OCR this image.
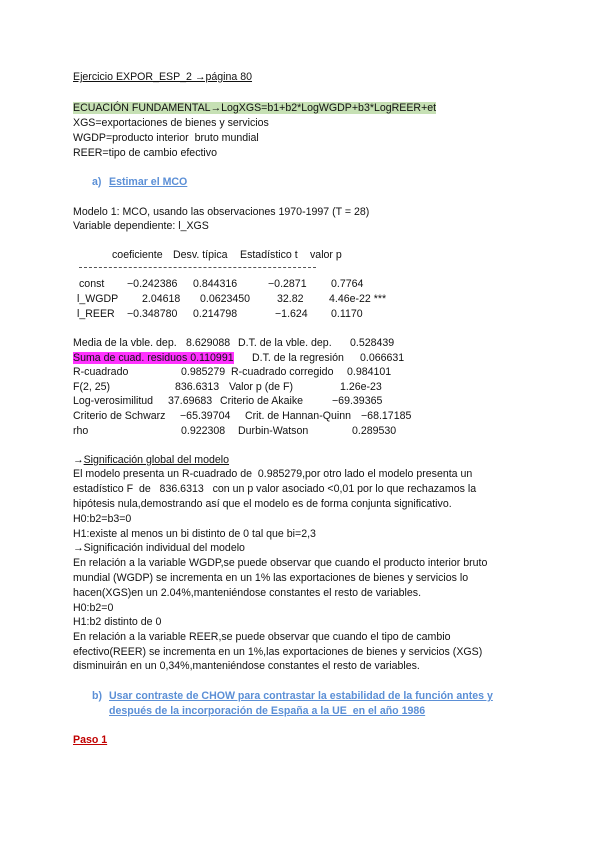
Ejercicio EXPOR_ESP_2 →página 80
ECUACIÓN FUNDAMENTAL→LogXGS=b1+b2*LogWGDP+b3*LogREER+et
XGS=exportaciones de bienes y servicios
WGDP=producto interior  bruto mundial
REER=tipo de cambio efectivo
a) Estimar el MCO
Modelo 1: MCO, usando las observaciones 1970-1997 (T = 28)
Variable dependiente: l_XGS
coeficiente Desv. típica Estadístico t valor p
const −0.242386 0.844316	−0.2871 0.7764
l_WGDP 2.04618 0.0623450	32.82 4.46e-22 ***
l_REER −0.348780 0.214798	−1.624 0.1170
Media de la vble. dep. 8.629088 D.T. de la vble. dep. 0.528439
Suma de cuad. residuos 0.110991 D.T. de la regresión 0.066631
R-cuadrado	0.985279 R-cuadrado corregido 0.984101
F(2, 25)	836.6313 Valor p (de F)	1.26e-23
Log-verosimilitud 37.69683 Criterio de Akaike	−69.39365
Criterio de Schwarz −65.39704 Crit. de Hannan-Quinn −68.17185
rho	0.922308 Durbin-Watson	0.289530
→Significación global del modelo
El modelo presenta un R-cuadrado de  0.985279,por otro lado el modelo presenta un
estadístico F  de   836.6313   con un p valor asociado <0,01 por lo que rechazamos la
hipótesis nula,demostrando así que el modelo es de forma conjunta significativo.
H0:b2=b3=0
H1:existe al menos un bi distinto de 0 tal que bi=2,3
→Significación individual del modelo
En relación a la variable WGDP,se puede observar que cuando el producto interior bruto
mundial (WGDP) se incrementa en un 1% las exportaciones de bienes y servicios lo
hacen(XGS)en un 2.04%,manteniéndose constantes el resto de variables.
H0:b2=0
H1:b2 distinto de 0
En relación a la variable REER,se puede observar que cuando el tipo de cambio
efectivo(REER) se incrementa en un 1%,las exportaciones de bienes y servicios (XGS)
disminuirán en un 0,34%,manteniéndose constantes el resto de variables.
b) Usar contraste de CHOW para contrastar la estabilidad de la función antes y
después de la incorporación de España a la UE  en el año 1986
Paso 1
